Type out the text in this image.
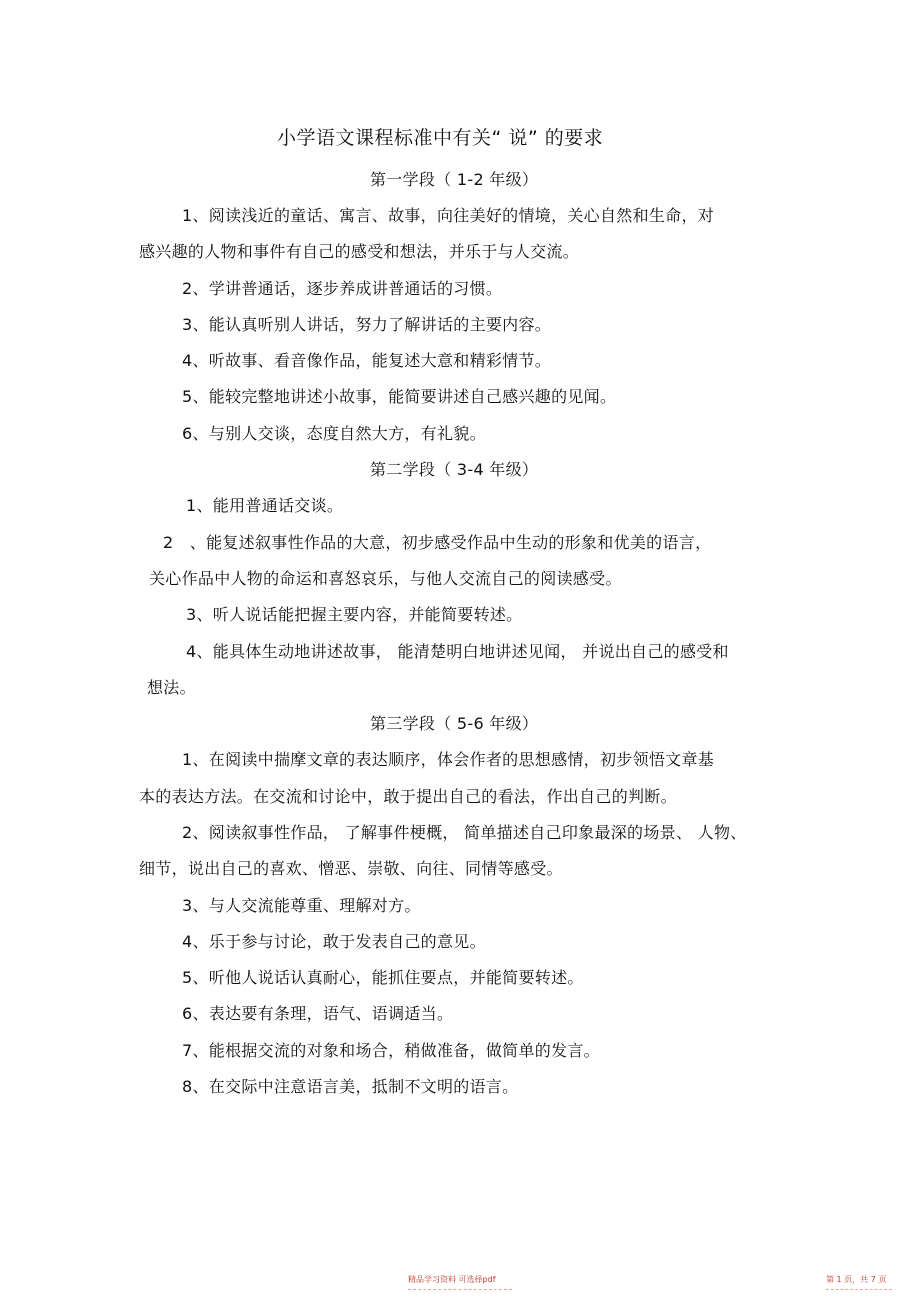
小学语文课程标准中有关“ 说” 的要求
第一学段（ 1-2 年级）
1、阅读浅近的童话、寓言、故事，向往美好的情境，关心自然和生命，对
感兴趣的人物和事件有自己的感受和想法，并乐于与人交流。
2、学讲普通话，逐步养成讲普通话的习惯。
3、能认真听别人讲话，努力了解讲话的主要内容。
4、听故事、看音像作品，能复述大意和精彩情节。
5、能较完整地讲述小故事，能简要讲述自己感兴趣的见闻。
6、与别人交谈，态度自然大方，有礼貌。
第二学段（ 3-4 年级）
1、能用普通话交谈。
2　、能复述叙事性作品的大意，初步感受作品中生动的形象和优美的语言，
关心作品中人物的命运和喜怒哀乐，与他人交流自己的阅读感受。
3、听人说话能把握主要内容，并能简要转述。
4、能具体生动地讲述故事， 能清楚明白地讲述见闻， 并说出自己的感受和
想法。
第三学段（ 5-6 年级）
1、在阅读中揣摩文章的表达顺序，体会作者的思想感情，初步领悟文章基
本的表达方法。在交流和讨论中，敢于提出自己的看法，作出自己的判断。
2、阅读叙事性作品， 了解事件梗概， 简单描述自己印象最深的场景、 人物、
细节，说出自己的喜欢、憎恶、崇敬、向往、同情等感受。
3、与人交流能尊重、理解对方。
4、乐于参与讨论，敢于发表自己的意见。
5、听他人说话认真耐心，能抓住要点，并能简要转述。
6、表达要有条理，语气、语调适当。
7、能根据交流的对象和场合，稍做准备，做简单的发言。
8、在交际中注意语言美，抵制不文明的语言。
精品学习资料 可选择pdf	第 1 页，共 7 页
